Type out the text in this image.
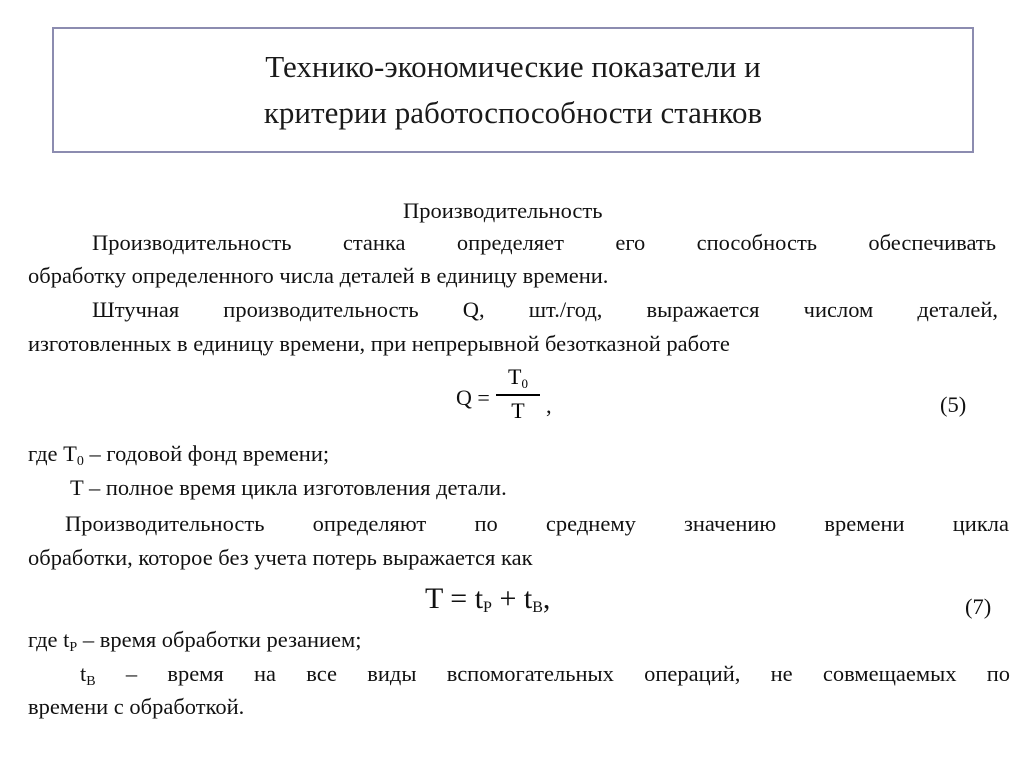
Технико-экономические показатели и
критерии работоспособности станков
Производительность
Производительность станка определяет его способность обеспечивать
обработку определенного числа деталей в единицу времени.
Штучная производительность Q, шт./год, выражается числом деталей,
изготовленных в единицу времени, при непрерывной безотказной работе
Q =
T0
T ,	(5)
где $T_0$ – годовой фонд времени;
T – полное время цикла изготовления детали.
Производительность определяют по среднему значению времени цикла
обработки, которое без учета потерь выражается как
$T = t_P + t_B$,	(7)
где $t_P$ – время обработки резанием;
$t_B$ – время на все виды вспомогательных операций, не совмещаемых по
времени с обработкой.
